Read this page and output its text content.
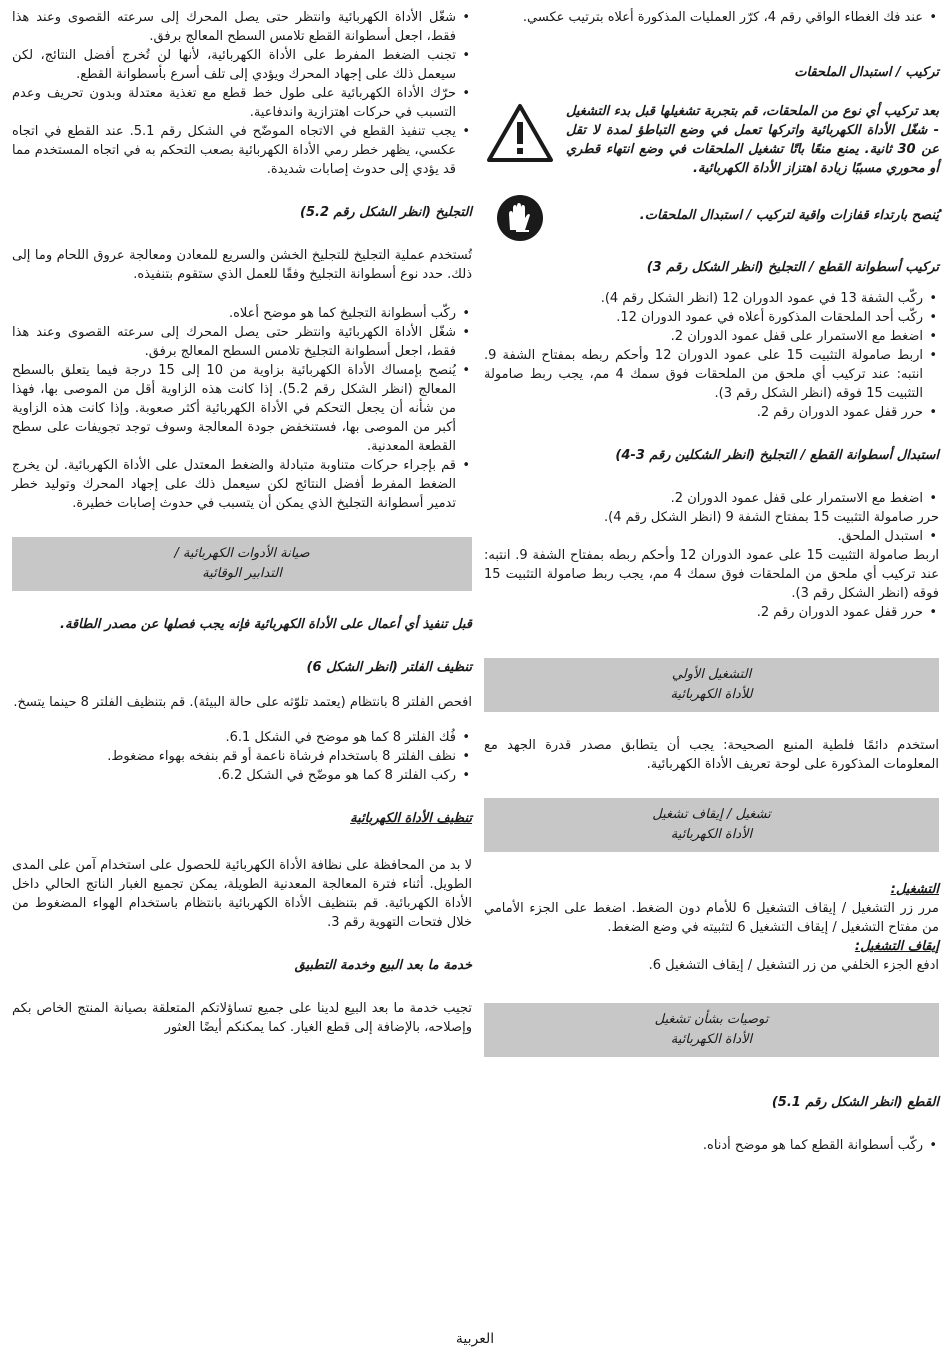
• عند فك الغطاء الواقي رقم 4، كرّر العمليات المذكورة أعلاه بترتيب عكسي.

تركيب / استبدال الملحقات

بعد تركيب أي نوع من الملحقات، قم بتجربة تشغيلها قبل بدء التشغيل - شغّل الأداة الكهربائية واتركها تعمل في وضع التباطؤ لمدة لا تقل عن 30 ثانية. يمنع منعًا باتًا تشغيل الملحقات في وضع انتهاء قطري أو محوري مسببًا زيادة اهتزاز الأداة الكهربائية.

يُنصح بارتداء قفازات واقية لتركيب / استبدال الملحقات.

تركيب أسطوانة القطع / التجليخ (انظر الشكل رقم 3)

• ركّب الشفة 13 في عمود الدوران 12 (انظر الشكل رقم 4).

• ركّب أحد الملحقات المذكورة أعلاه في عمود الدوران 12.

• اضغط مع الاستمرار على قفل عمود الدوران 2.

• اربط صامولة التثبيت 15 على عمود الدوران 12 وأحكم ربطه بمفتاح الشفة 9. انتبه: عند تركيب أي ملحق من الملحقات فوق سمك 4 مم، يجب ربط صامولة التثبيت 15 فوقه (انظر الشكل رقم 3).

• حرر قفل عمود الدوران رقم 2.

استبدال أسطوانة القطع / التجليخ (انظر الشكلين رقم 3-4)

• اضغط مع الاستمرار على قفل عمود الدوران 2.

حرر صامولة التثبيت 15 بمفتاح الشفة 9 (انظر الشكل رقم 4).

• استبدل الملحق.

اربط صامولة التثبيت 15 على عمود الدوران 12 وأحكم ربطه بمفتاح الشفة 9. انتبه: عند تركيب أي ملحق من الملحقات فوق سمك 4 مم، يجب ربط صامولة التثبيت 15 فوقه (انظر الشكل رقم 3).

• حرر قفل عمود الدوران رقم 2.

التشغيل الأولي
للأداة الكهربائية

استخدم دائمًا فلطية المنبع الصحيحة: يجب أن يتطابق مصدر قدرة الجهد مع المعلومات المذكورة على لوحة تعريف الأداة الكهربائية.

تشغيل / إيقاف تشغيل
الأداة الكهربائية

التشغيل:

مرر زر التشغيل / إيقاف التشغيل 6 للأمام دون الضغط. اضغط على الجزء الأمامي من مفتاح التشغيل / إيقاف التشغيل 6 لتثبيته في وضع الضغط.

إيقاف التشغيل:

ادفع الجزء الخلفي من زر التشغيل / إيقاف التشغيل 6.

توصيات بشأن تشغيل
الأداة الكهربائية

القطع (انظر الشكل رقم 5.1)

• ركّب أسطوانة القطع كما هو موضح أدناه.

• شغّل الأداة الكهربائية وانتظر حتى يصل المحرك إلى سرعته القصوى وعند هذا فقط، اجعل أسطوانة القطع تلامس السطح المعالج برفق.

• تجنب الضغط المفرط على الأداة الكهربائية، لأنها لن تُخرج أفضل النتائج، لكن سيعمل ذلك على إجهاد المحرك ويؤدي إلى تلف أسرع بأسطوانة القطع.

• حرّك الأداة الكهربائية على طول خط قطع مع تغذية معتدلة وبدون تحريف وعدم التسبب في حركات اهتزازية واندفاعية.

• يجب تنفيذ القطع في الاتجاه الموضّح في الشكل رقم 5.1. عند القطع في اتجاه عكسي، يظهر خطر رمي الأداة الكهربائية بصعب التحكم به في اتجاه المستخدم مما قد يؤدي إلى حدوث إصابات شديدة.

التجليخ (انظر الشكل رقم 5.2)

تُستخدم عملية التجليخ للتجليخ الخشن والسريع للمعادن ومعالجة عروق اللحام وما إلى ذلك. حدد نوع أسطوانة التجليخ وفقًا للعمل الذي ستقوم بتنفيذه.

• ركّب أسطوانة التجليخ كما هو موضح أعلاه.

• شغّل الأداة الكهربائية وانتظر حتى يصل المحرك إلى سرعته القصوى وعند هذا فقط، اجعل أسطوانة التجليخ تلامس السطح المعالج برفق.

• يُنصح بإمساك الأداة الكهربائية بزاوية من 10 إلى 15 درجة فيما يتعلق بالسطح المعالج (انظر الشكل رقم 5.2). إذا كانت هذه الزاوية أقل من الموصى بها، فهذا من شأنه أن يجعل التحكم في الأداة الكهربائية أكثر صعوبة. وإذا كانت هذه الزاوية أكبر من الموصى بها، فستنخفض جودة المعالجة وسوف توجد تجويفات على سطح القطعة المعدنية.

• قم بإجراء حركات متناوبة متبادلة والضغط المعتدل على الأداة الكهربائية. لن يخرج الضغط المفرط أفضل النتائج لكن سيعمل ذلك على إجهاد المحرك وتوليد خطر تدمير أسطوانة التجليخ الذي يمكن أن يتسبب في حدوث إصابات خطيرة.

صيانة الأدوات الكهربائية /
التدابير الوقائية

قبل تنفيذ أي أعمال على الأداة الكهربائية فإنه يجب فصلها عن مصدر الطاقة.

تنظيف الفلتر (انظر الشكل 6)

افحص الفلتر 8 بانتظام (يعتمد تلوّثه على حالة البيئة). قم بتنظيف الفلتر 8 حينما يتسخ.

• فُك الفلتر 8 كما هو موضح في الشكل 6.1.

• نظف الفلتر 8 باستخدام فرشاة ناعمة أو قم بنفخه بهواء مضغوط.

• ركب الفلتر 8 كما هو موضّح في الشكل 6.2.

تنظيف الأداة الكهربائية

لا بد من المحافظة على نظافة الأداة الكهربائية للحصول على استخدام آمن على المدى الطويل. أثناء فترة المعالجة المعدنية الطويلة، يمكن تجميع الغبار الناتج الحالي داخل الأداة الكهربائية. قم بتنظيف الأداة الكهربائية بانتظام باستخدام الهواء المضغوط من خلال فتحات التهوية رقم 3.

خدمة ما بعد البيع وخدمة التطبيق

تجيب خدمة ما بعد البيع لدينا على جميع تساؤلاتكم المتعلقة بصيانة المنتج الخاص بكم وإصلاحه، بالإضافة إلى قطع الغيار. كما يمكنكم أيضًا العثور

العربية
